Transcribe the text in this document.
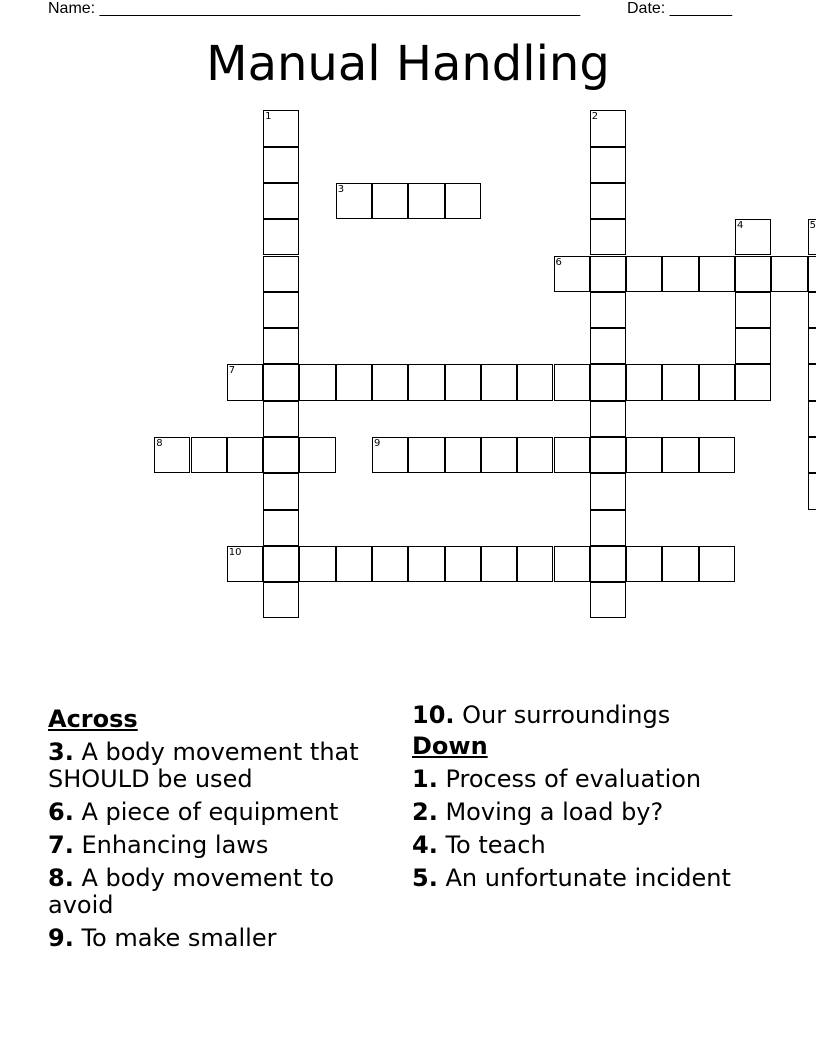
Name: ______________________________________________________	Date: _______
Manual Handling
1	2
3
4	5
6
7
8	9
10
Across
3. A body movement that SHOULD be used
6. A piece of equipment
7. Enhancing laws
8. A body movement to avoid
9. To make smaller
10. Our surroundings
Down
1. Process of evaluation
2. Moving a load by?
4. To teach
5. An unfortunate incident
